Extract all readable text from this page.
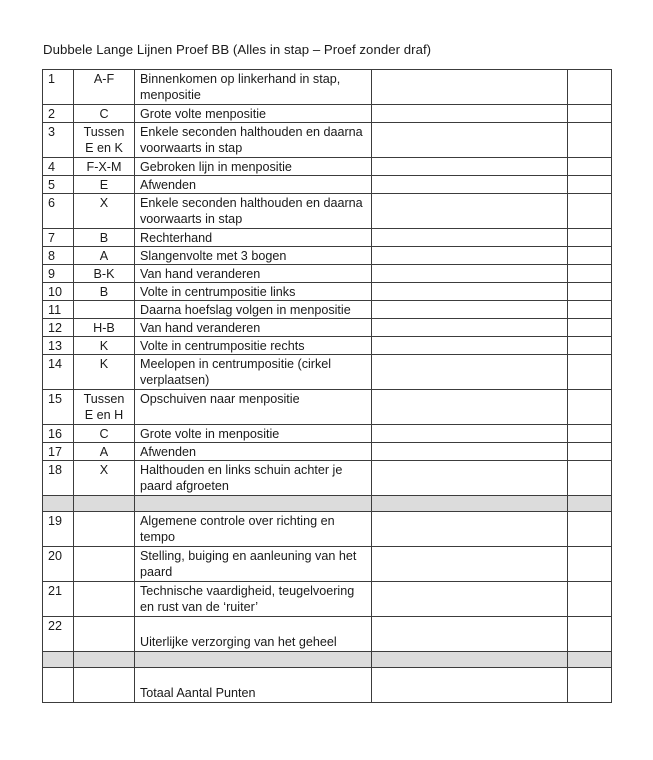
Dubbele Lange Lijnen Proef BB (Alles in stap – Proef zonder draf)
1	A-F	Binnenkomen op linkerhand in stap, menpositie		
2	C	Grote volte menpositie		
3	Tussen E en K	Enkele seconden halthouden en daarna voorwaarts in stap		
4	F-X-M	Gebroken lijn in menpositie		
5	E	Afwenden		
6	X	Enkele seconden halthouden en daarna voorwaarts in stap		
7	B	Rechterhand		
8	A	Slangenvolte met 3 bogen		
9	B-K	Van hand veranderen		
10	B	Volte in centrumpositie links		
11		Daarna hoefslag volgen in menpositie		
12	H-B	Van hand veranderen		
13	K	Volte in centrumpositie rechts		
14	K	Meelopen in centrumpositie (cirkel verplaatsen)		
15	Tussen E en H	Opschuiven naar menpositie		
16	C	Grote volte in menpositie		
17	A	Afwenden		
18	X	Halthouden en links schuin achter je paard afgroeten		

19		Algemene controle over richting en tempo		
20		Stelling, buiging en aanleuning van het paard		
21		Technische vaardigheid, teugelvoering en rust van de ‘ruiter’		
22		Uiterlijke verzorging van het geheel		

		Totaal Aantal Punten		
